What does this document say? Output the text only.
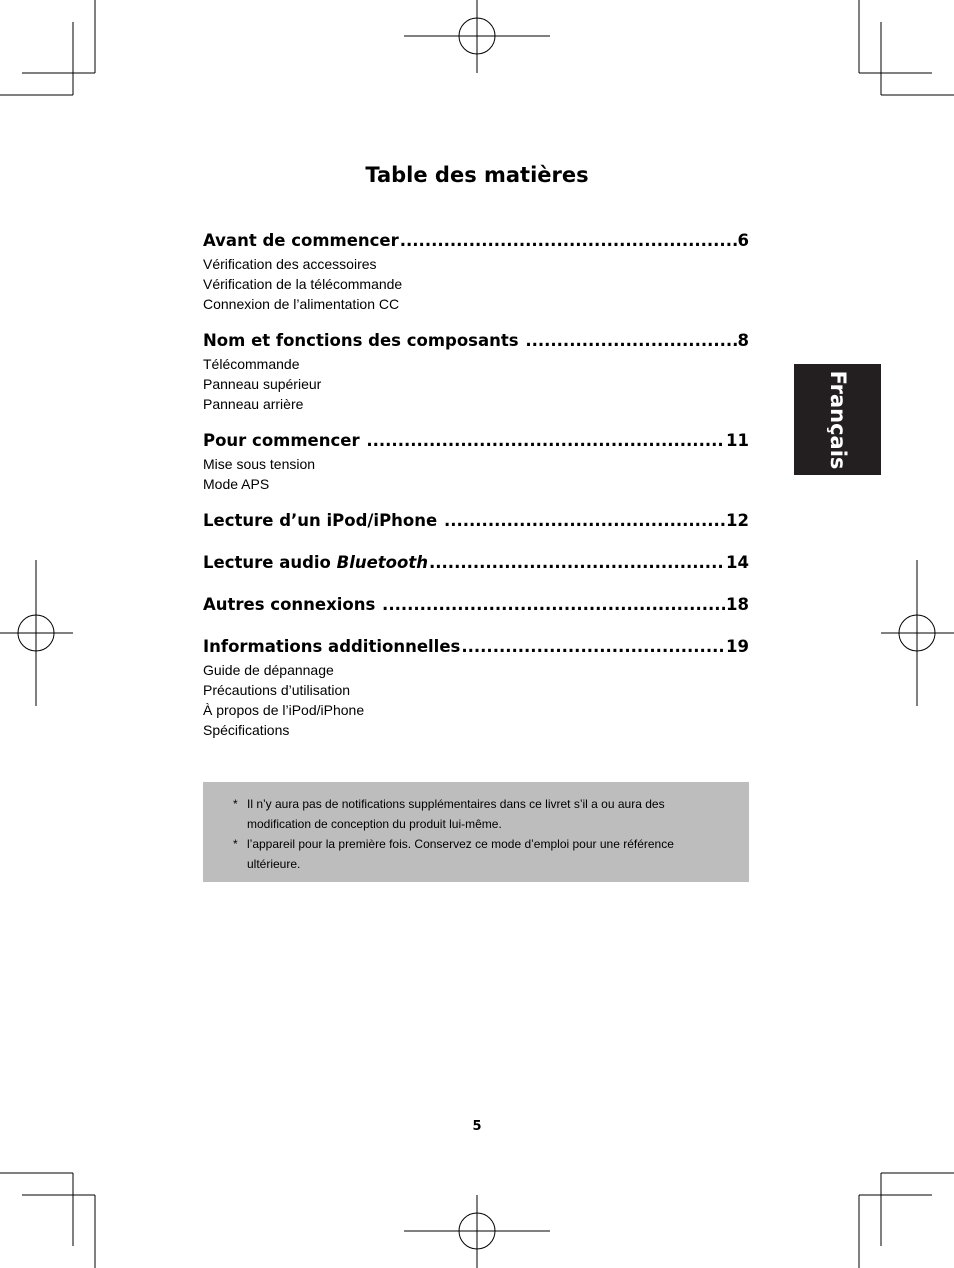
Table des matières
Avant de commencer .....	6
Vérification des accessoires
Vérification de la télécommande
Connexion de l’alimentation CC
Nom et fonctions des composants .....	8
Télécommande
Panneau supérieur
Panneau arrière
Pour commencer .....	11
Mise sous tension
Mode APS
Lecture d’un iPod/iPhone .....	12
Lecture audio Bluetooth .....	14
Autres connexions .....	18
Informations additionnelles .....	19
Guide de dépannage
Précautions d’utilisation
À propos de l’iPod/iPhone
Spécifications
* Il n’y aura pas de notifications supplémentaires dans ce livret s’il a ou aura des modification de conception du produit lui-même.
* l’appareil pour la première fois. Conservez ce mode d’emploi pour une référence ultérieure.
Français
5
